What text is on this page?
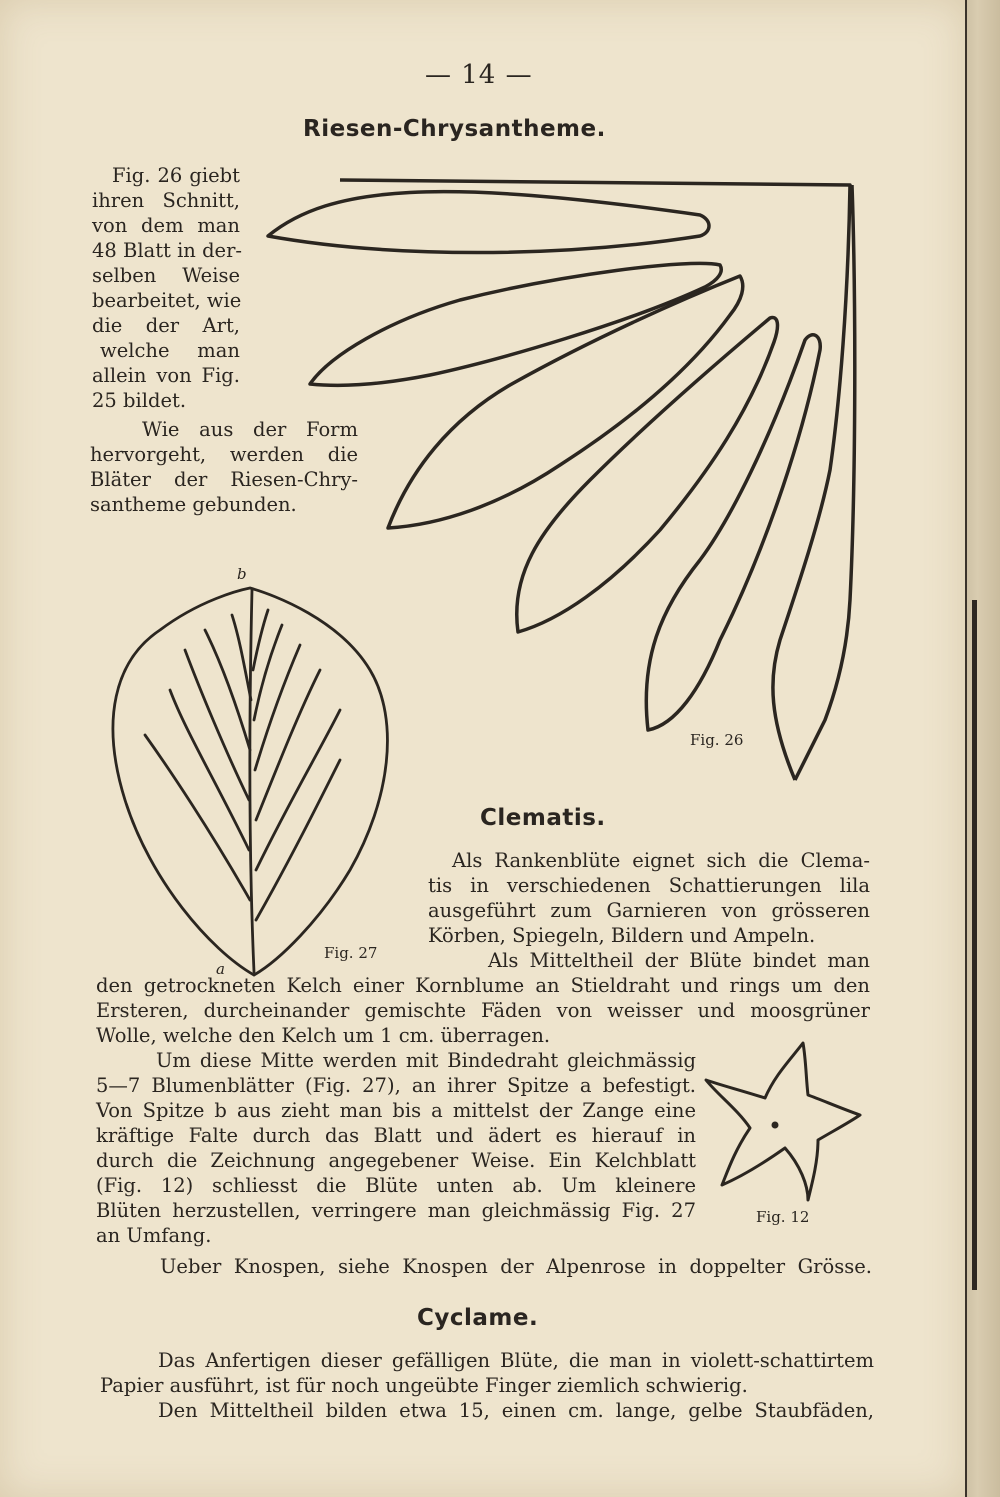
— 14 —
Riesen-Chrysantheme.
Fig. 26 giebt
ihren Schnitt,
von dem man
48 Blatt in der-
selben Weise
bearbeitet, wie
die der Art,
welche man
allein von Fig.
25 bildet.
Wie aus der Form
hervorgeht, werden die
Bläter der Riesen-Chry-
santheme gebunden.
Fig. 26
b
a
Fig. 27
Clematis.
Als Rankenblüte eignet sich die Clema-
tis in verschiedenen Schattierungen lila
ausgeführt zum Garnieren von grösseren
Körben, Spiegeln, Bildern und Ampeln.
Als Mitteltheil der Blüte bindet man
den getrockneten Kelch einer Kornblume an Stieldraht und rings um den
Ersteren, durcheinander gemischte Fäden von weisser und moosgrüner
Wolle, welche den Kelch um 1 cm. überragen.
Um diese Mitte werden mit Bindedraht gleichmässig
5—7 Blumenblätter (Fig. 27), an ihrer Spitze a befestigt.
Von Spitze b aus zieht man bis a mittelst der Zange eine
kräftige Falte durch das Blatt und ädert es hierauf in
durch die Zeichnung angegebener Weise. Ein Kelchblatt
(Fig. 12) schliesst die Blüte unten ab. Um kleinere
Blüten herzustellen, verringere man gleichmässig Fig. 27
an Umfang.
Ueber Knospen, siehe Knospen der Alpenrose in doppelter Grösse.
Fig. 12
Cyclame.
Das Anfertigen dieser gefälligen Blüte, die man in violett-schattirtem
Papier ausführt, ist für noch ungeübte Finger ziemlich schwierig.
Den Mitteltheil bilden etwa 15, einen cm. lange, gelbe Staubfäden,
